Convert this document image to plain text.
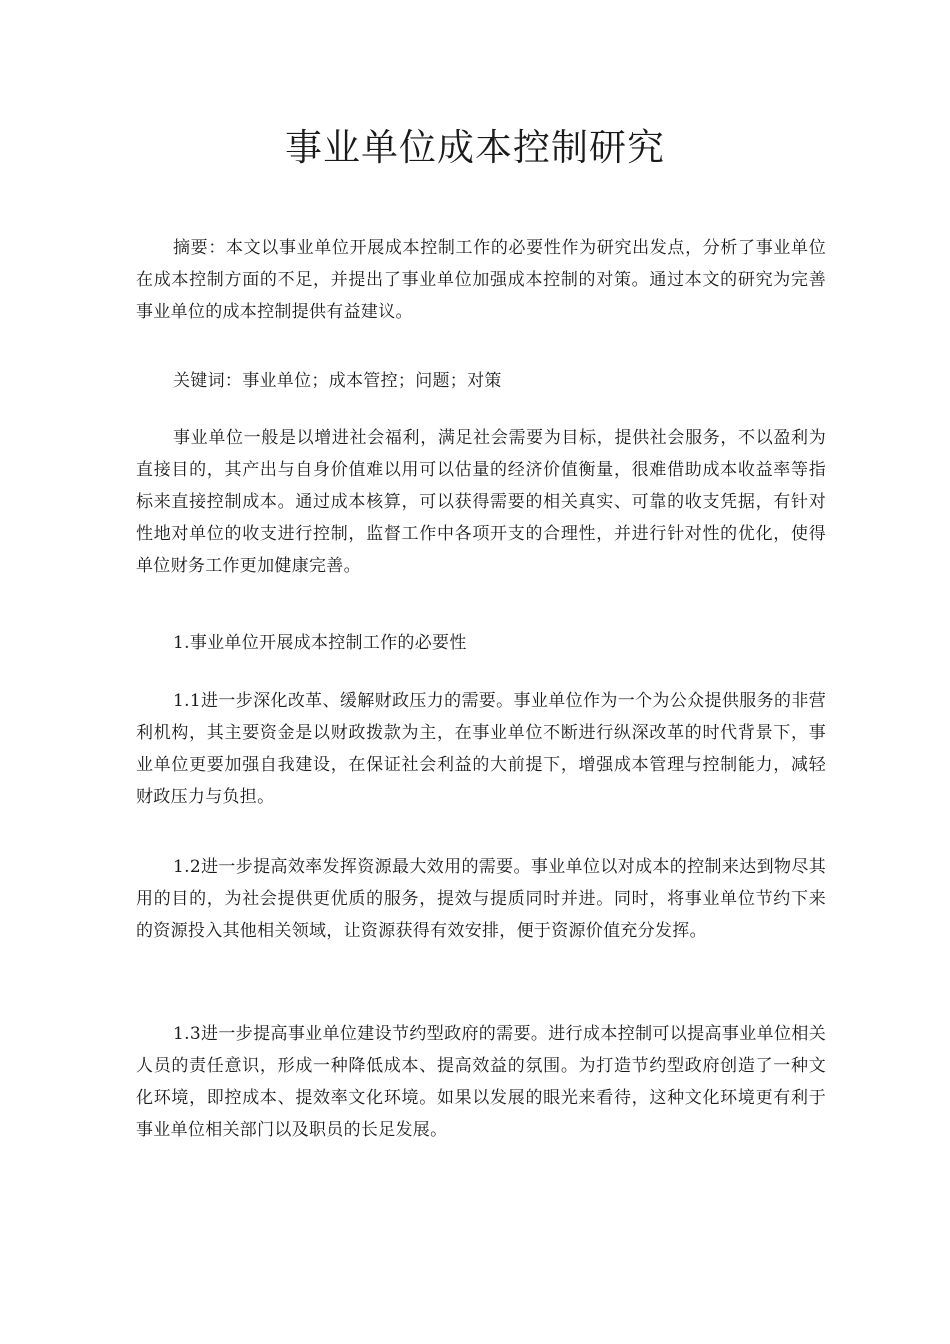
事业单位成本控制研究

摘要：本文以事业单位开展成本控制工作的必要性作为研究出发点，分析了事业单位在成本控制方面的不足，并提出了事业单位加强成本控制的对策。通过本文的研究为完善事业单位的成本控制提供有益建议。

关键词：事业单位；成本管控；问题；对策

事业单位一般是以增进社会福利，满足社会需要为目标，提供社会服务，不以盈利为直接目的，其产出与自身价值难以用可以估量的经济价值衡量，很难借助成本收益率等指标来直接控制成本。通过成本核算，可以获得需要的相关真实、可靠的收支凭据，有针对性地对单位的收支进行控制，监督工作中各项开支的合理性，并进行针对性的优化，使得单位财务工作更加健康完善。

1.事业单位开展成本控制工作的必要性

1.1进一步深化改革、缓解财政压力的需要。事业单位作为一个为公众提供服务的非营利机构，其主要资金是以财政拨款为主，在事业单位不断进行纵深改革的时代背景下，事业单位更要加强自我建设，在保证社会利益的大前提下，增强成本管理与控制能力，减轻财政压力与负担。

1.2进一步提高效率发挥资源最大效用的需要。事业单位以对成本的控制来达到物尽其用的目的，为社会提供更优质的服务，提效与提质同时并进。同时，将事业单位节约下来的资源投入其他相关领域，让资源获得有效安排，便于资源价值充分发挥。

1.3进一步提高事业单位建设节约型政府的需要。进行成本控制可以提高事业单位相关人员的责任意识，形成一种降低成本、提高效益的氛围。为打造节约型政府创造了一种文化环境，即控成本、提效率文化环境。如果以发展的眼光来看待，这种文化环境更有利于事业单位相关部门以及职员的长足发展。
